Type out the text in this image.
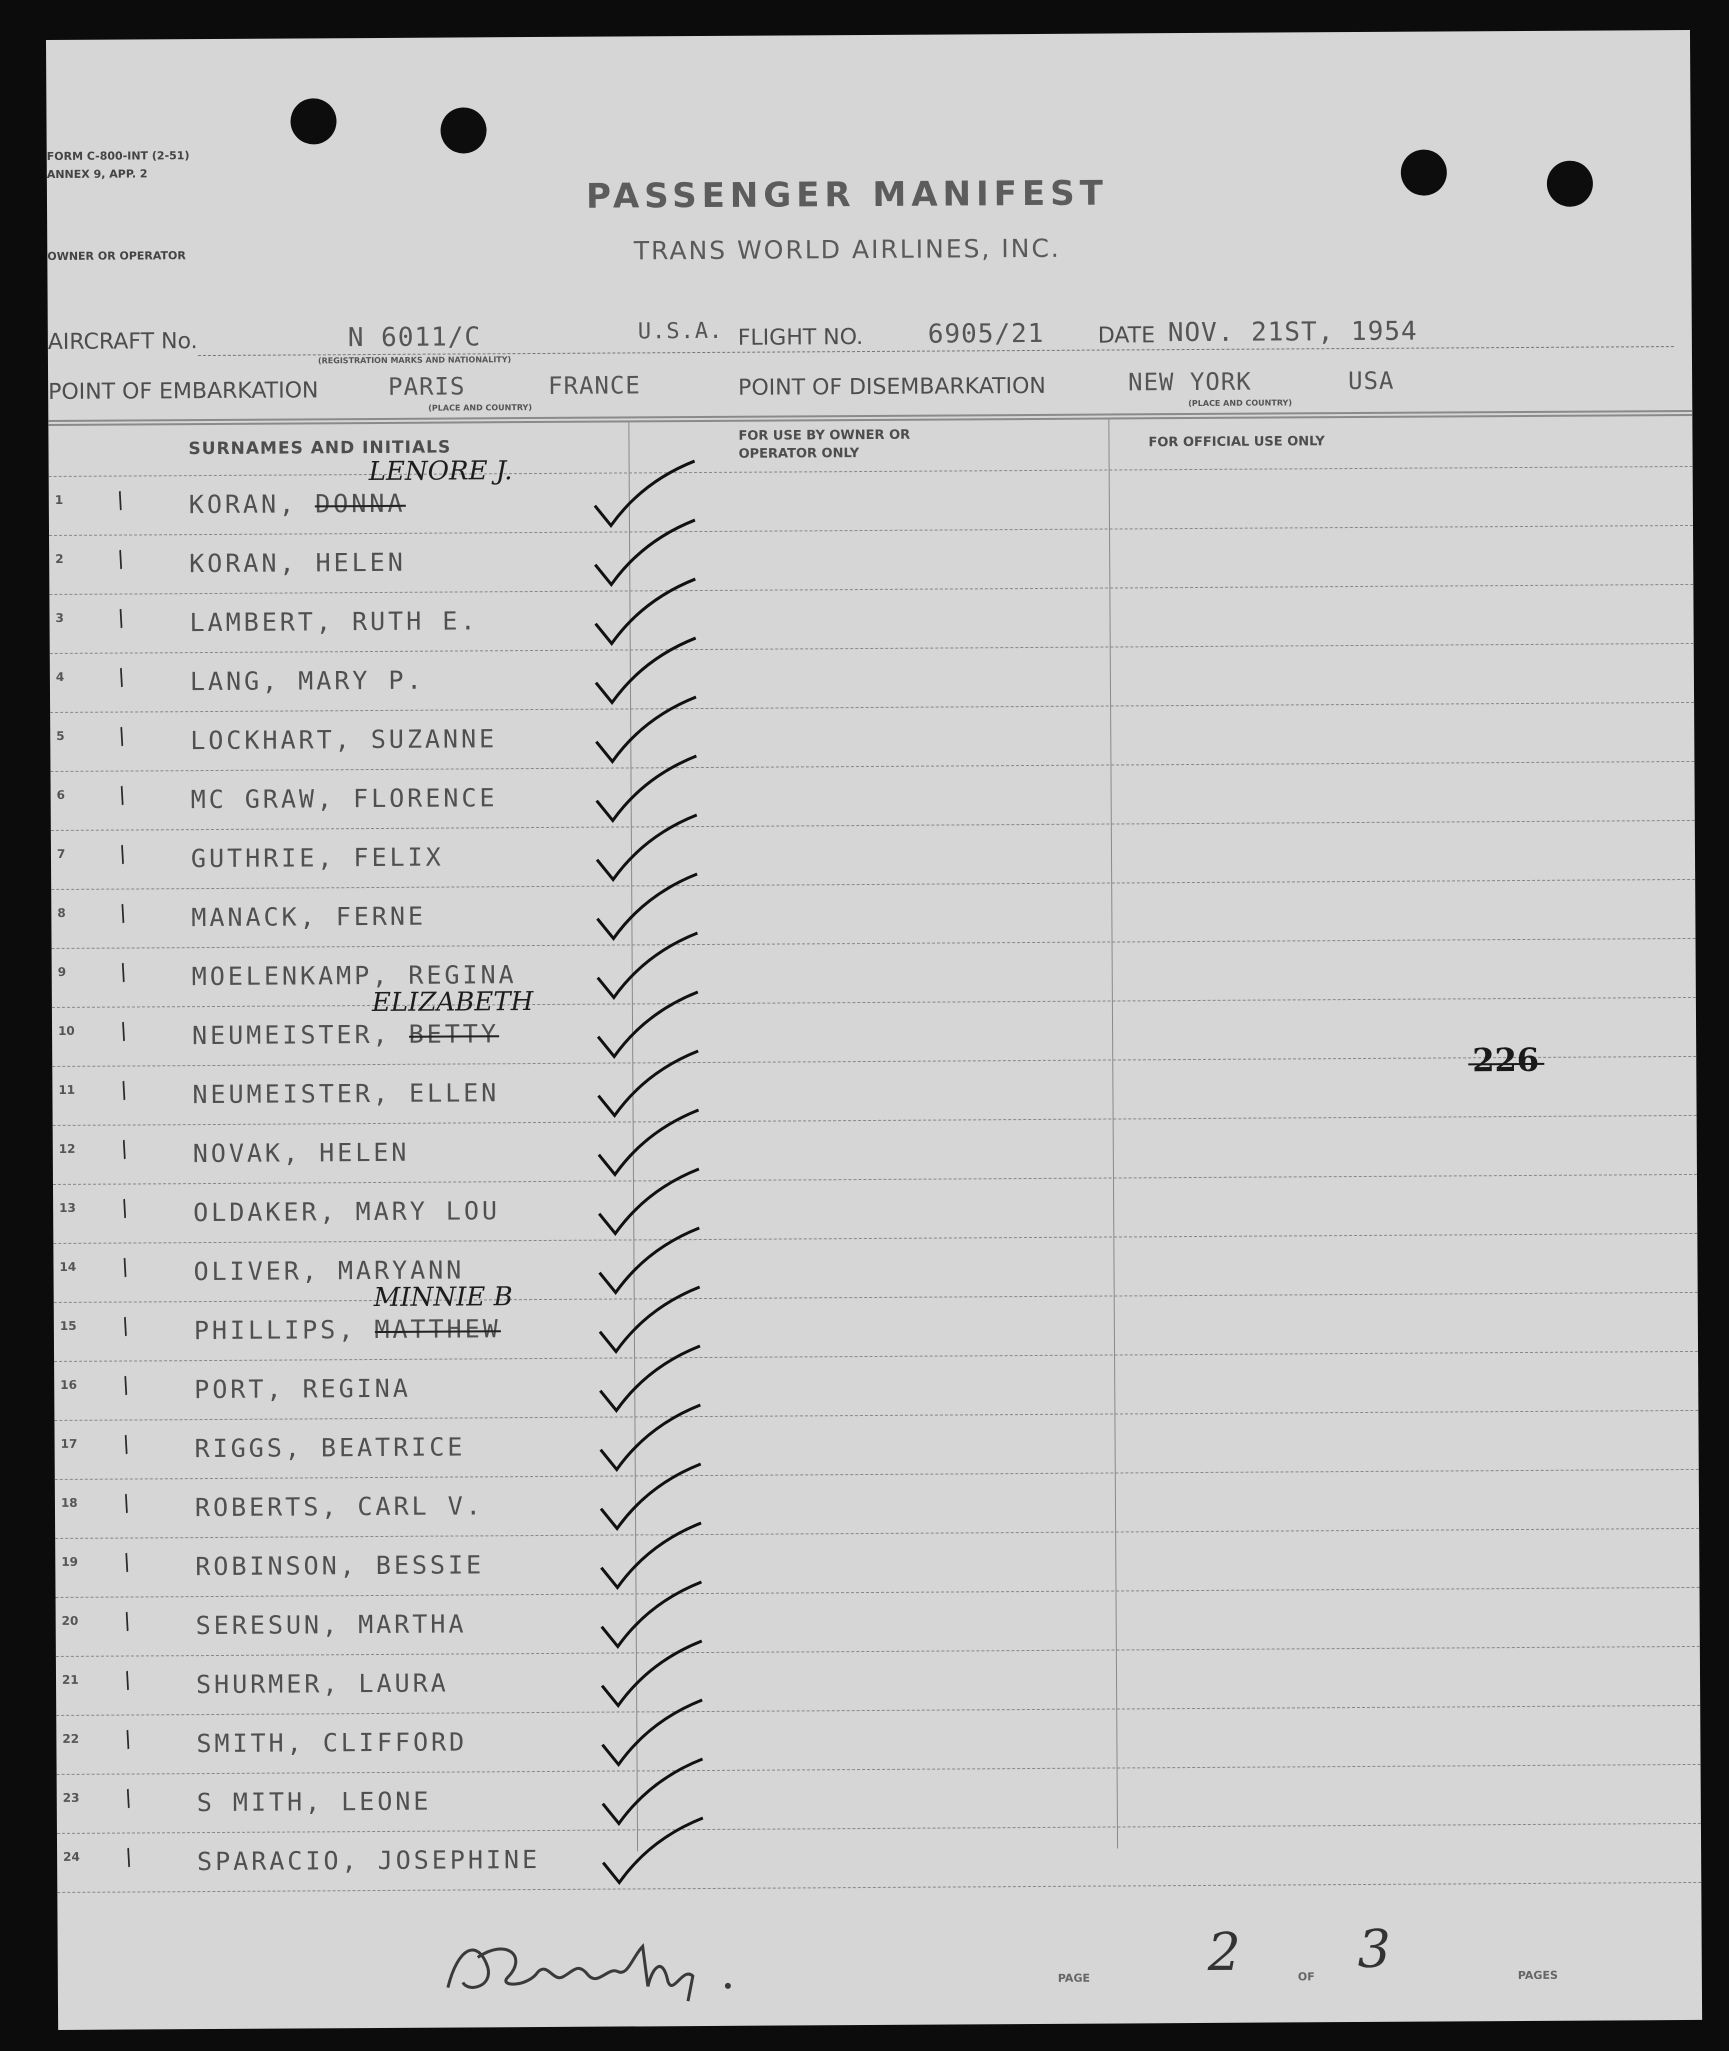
FORM C-800-INT (2-51)
ANNEX 9, APP. 2
OWNER OR OPERATOR
PASSENGER MANIFEST
TRANS WORLD AIRLINES, INC.
AIRCRAFT No.	N 6011/C	U.S.A.
(REGISTRATION MARKS AND NATIONALITY)
FLIGHT NO. 6905/21 DATE NOV. 21ST, 1954
POINT OF EMBARKATION	PARIS	FRANCE
(PLACE AND COUNTRY)
POINT OF DISEMBARKATION	NEW YORK	USA
(PLACE AND COUNTRY)
SURNAMES AND INITIALS
FOR USE BY OWNER OR OPERATOR ONLY
FOR OFFICIAL USE ONLY
1 / KORAN, DONNA
LENORE J.
2 / KORAN, HELEN
3 / LAMBERT, RUTH E.
4 / LANG, MARY P.
5 / LOCKHART, SUZANNE
6 / MC GRAW, FLORENCE
7 / GUTHRIE, FELIX
8 / MANACK, FERNE
9 / MOELENKAMP, REGINA
10 / NEUMEISTER, BETTY
ELIZABETH
11 / NEUMEISTER, ELLEN
12 / NOVAK, HELEN
13 / OLDAKER, MARY LOU
14 / OLIVER, MARYANN
15 / PHILLIPS, MATTHEW
MINNIE B
16 / PORT, REGINA
17 / RIGGS, BEATRICE
18 / ROBERTS, CARL V.
19 / ROBINSON, BESSIE
20 / SERESUN, MARTHA
21 / SHURMER, LAURA
22 / SMITH, CLIFFORD
23 / S MITH, LEONE
24 / SPARACIO, JOSEPHINE
226
PAGE 2	OF 3	PAGES
